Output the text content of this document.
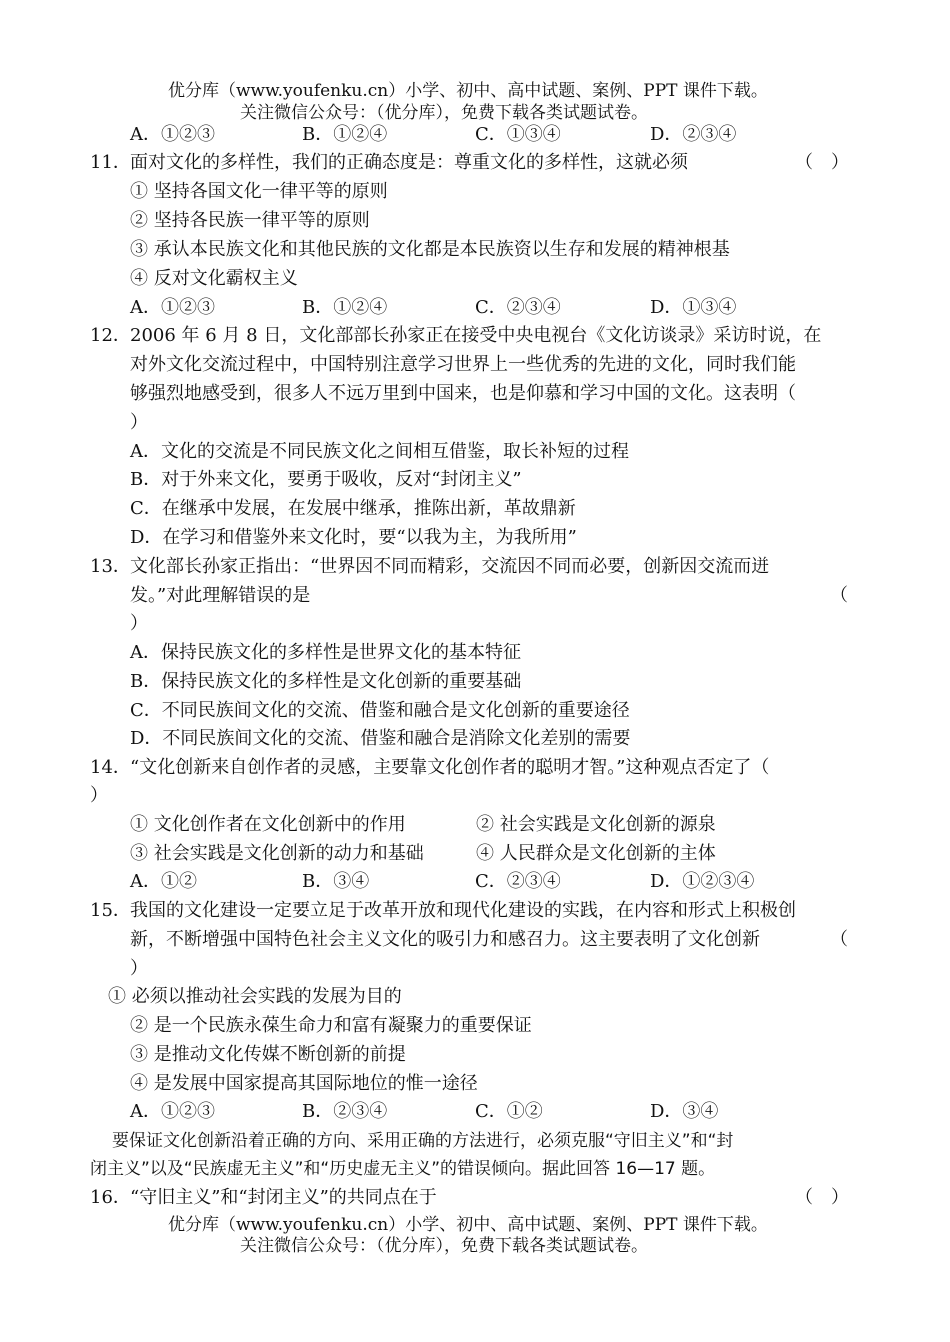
优分库（www.youfenku.cn）小学、初中、高中试题、案例、PPT 课件下载。
关注微信公众号：（优分库），免费下载各类试题试卷。
A．①②③	B．①②④	C．①③④	D．②③④
11． 面对文化的多样性，我们的正确态度是：尊重文化的多样性，这就必须	（　）
① 坚持各国文化一律平等的原则
② 坚持各民族一律平等的原则
③ 承认本民族文化和其他民族的文化都是本民族资以生存和发展的精神根基
④ 反对文化霸权主义
A．①②③	B．①②④	C．②③④	D．①③④
12． 2006 年 6 月 8 日，文化部部长孙家正在接受中央电视台《文化访谈录》采访时说，在
对外文化交流过程中，中国特别注意学习世界上一些优秀的先进的文化，同时我们能
够强烈地感受到，很多人不远万里到中国来，也是仰慕和学习中国的文化。这表明（
）
A．文化的交流是不同民族文化之间相互借鉴，取长补短的过程
B．对于外来文化，要勇于吸收，反对“封闭主义”
C．在继承中发展，在发展中继承，推陈出新，革故鼎新
D．在学习和借鉴外来文化时，要“以我为主，为我所用”
13． 文化部长孙家正指出：“世界因不同而精彩，交流因不同而必要，创新因交流而迸
发。”对此理解错误的是	（
）
A．保持民族文化的多样性是世界文化的基本特征
B．保持民族文化的多样性是文化创新的重要基础
C．不同民族间文化的交流、借鉴和融合是文化创新的重要途径
D．不同民族间文化的交流、借鉴和融合是消除文化差别的需要
14． “文化创新来自创作者的灵感，主要靠文化创作者的聪明才智。”这种观点否定了（
）
① 文化创作者在文化创新中的作用	② 社会实践是文化创新的源泉
③ 社会实践是文化创新的动力和基础	④ 人民群众是文化创新的主体
A．①②	B．③④	C．②③④	D．①②③④
15． 我国的文化建设一定要立足于改革开放和现代化建设的实践，在内容和形式上积极创
新，不断增强中国特色社会主义文化的吸引力和感召力。这主要表明了文化创新	（
）
① 必须以推动社会实践的发展为目的
② 是一个民族永葆生命力和富有凝聚力的重要保证
③ 是推动文化传媒不断创新的前提
④ 是发展中国家提高其国际地位的惟一途径
A．①②③	B．②③④	C．①②	D．③④
要保证文化创新沿着正确的方向、采用正确的方法进行，必须克服“守旧主义”和“封
闭主义”以及“民族虚无主义”和“历史虚无主义”的错误倾向。据此回答 16—17 题。
16． “守旧主义”和“封闭主义”的共同点在于	（　）
优分库（www.youfenku.cn）小学、初中、高中试题、案例、PPT 课件下载。
关注微信公众号：（优分库），免费下载各类试题试卷。
